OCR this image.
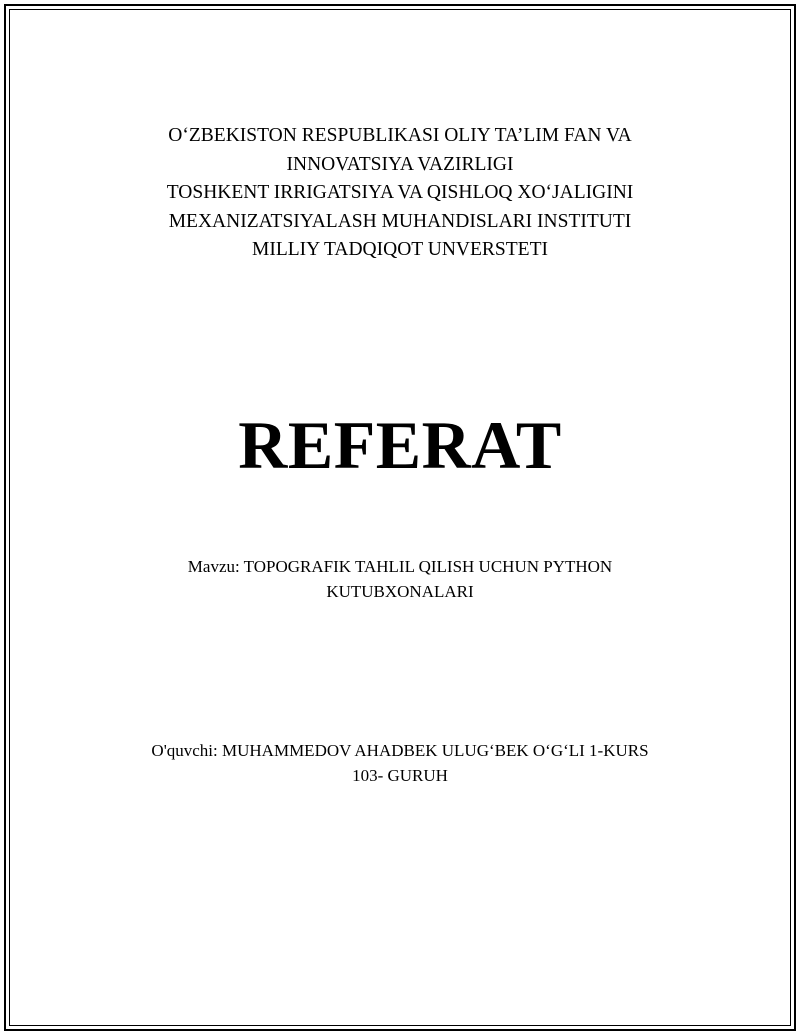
O‘ZBEKISTON RESPUBLIKASI OLIY TA’LIM FAN VA
INNOVATSIYA VAZIRLIGI
TOSHKENT IRRIGATSIYA VA QISHLOQ XO‘JALIGINI
MEXANIZATSIYALASH MUHANDISLARI INSTITUTI
MILLIY TADQIQOT UNVERSTETI
REFERAT
Mavzu: TOPOGRAFIK TAHLIL QILISH UCHUN PYTHON
KUTUBXONALARI
O'quvchi: MUHAMMEDOV AHADBEK ULUG‘BEK O‘G‘LI 1-KURS
103- GURUH
